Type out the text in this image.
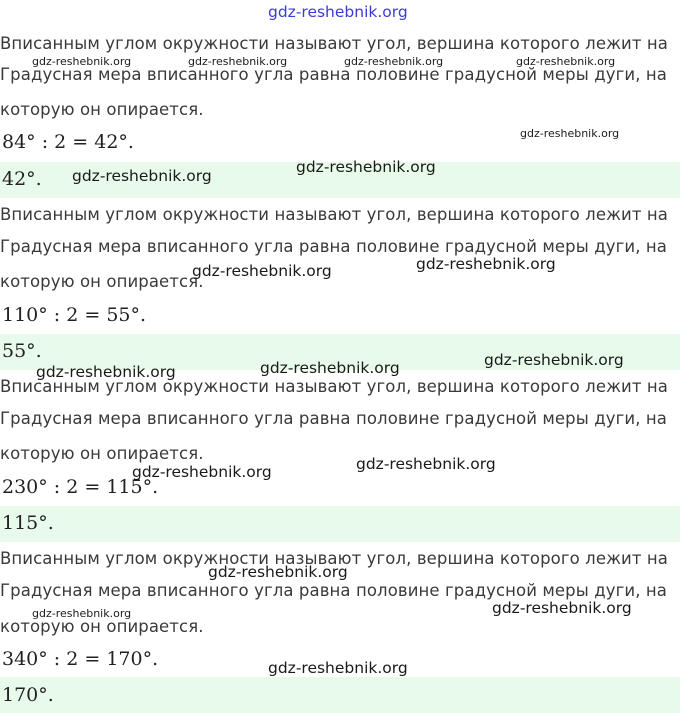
gdz-reshebnik.org
Вписанным углом окружности называют угол, вершина которого лежит на
Градусная мера вписанного угла равна половине градусной меры дуги, на
которую он опирается.
84° : 2 = 42°.
42°.
Вписанным углом окружности называют угол, вершина которого лежит на
Градусная мера вписанного угла равна половине градусной меры дуги, на
которую он опирается.
110° : 2 = 55°.
55°.
Вписанным углом окружности называют угол, вершина которого лежит на
Градусная мера вписанного угла равна половине градусной меры дуги, на
которую он опирается.
230° : 2 = 115°.
115°.
Вписанным углом окружности называют угол, вершина которого лежит на
Градусная мера вписанного угла равна половине градусной меры дуги, на
которую он опирается.
340° : 2 = 170°.
170°.
gdz-reshebnik.org	gdz-reshebnik.org	gdz-reshebnik.org	gdz-reshebnik.org
gdz-reshebnik.org
gdz-reshebnik.org
gdz-reshebnik.org
gdz-reshebnik.org
gdz-reshebnik.org
gdz-reshebnik.org
gdz-reshebnik.org
gdz-reshebnik.org
gdz-reshebnik.org
gdz-reshebnik.org
gdz-reshebnik.org
gdz-reshebnik.org
gdz-reshebnik.org
gdz-reshebnik.org
